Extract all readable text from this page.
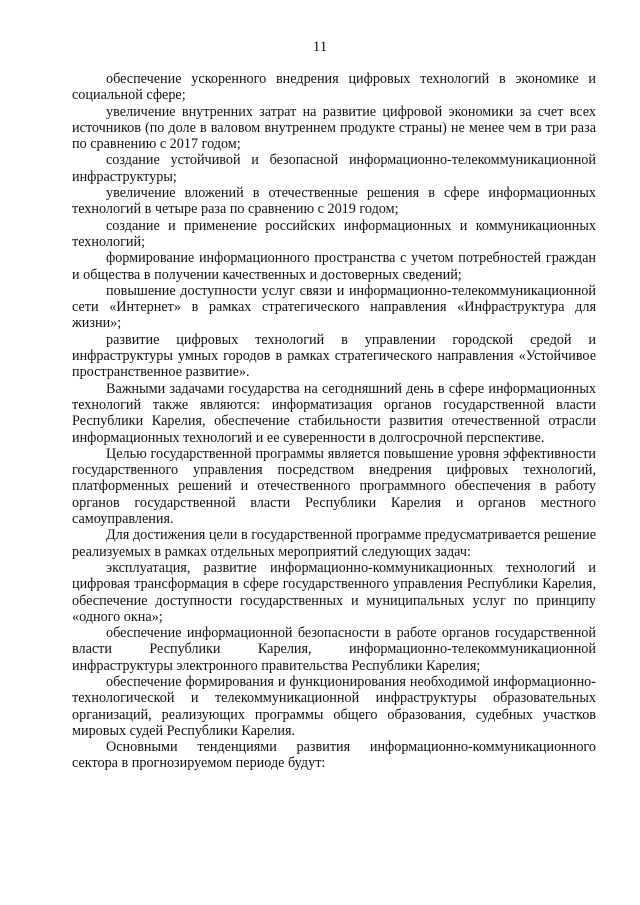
11

обеспечение ускоренного внедрения цифровых технологий в экономике и социальной сфере;

увеличение внутренних затрат на развитие цифровой экономики за счет всех источников (по доле в валовом внутреннем продукте страны) не менее чем в три раза по сравнению с 2017 годом;

создание устойчивой и безопасной информационно-телекоммуникационной инфраструктуры;

увеличение вложений в отечественные решения в сфере информационных технологий в четыре раза по сравнению с 2019 годом;

создание и применение российских информационных и коммуникационных технологий;

формирование информационного пространства с учетом потребностей граждан и общества в получении качественных и достоверных сведений;

повышение доступности услуг связи и информационно-телекоммуникационной сети «Интернет» в рамках стратегического направления «Инфраструктура для жизни»;

развитие цифровых технологий в управлении городской средой и инфраструктуры умных городов в рамках стратегического направления «Устойчивое пространственное развитие».

Важными задачами государства на сегодняшний день в сфере информационных технологий также являются: информатизация органов государственной власти Республики Карелия, обеспечение стабильности развития отечественной отрасли информационных технологий и ее суверенности в долгосрочной перспективе.

Целью государственной программы является повышение уровня эффективности государственного управления посредством внедрения цифровых технологий, платформенных решений и отечественного программного обеспечения в работу органов государственной власти Республики Карелия и органов местного самоуправления.

Для достижения цели в государственной программе предусматривается решение реализуемых в рамках отдельных мероприятий следующих задач:

эксплуатация, развитие информационно-коммуникационных технологий и цифровая трансформация в сфере государственного управления Республики Карелия, обеспечение доступности государственных и муниципальных услуг по принципу «одного окна»;

обеспечение информационной безопасности в работе органов государственной власти Республики Карелия, информационно-телекоммуникационной инфраструктуры электронного правительства Республики Карелия;

обеспечение формирования и функционирования необходимой информационно-технологической и телекоммуникационной инфраструктуры образовательных организаций, реализующих программы общего образования, судебных участков мировых судей Республики Карелия.

Основными тенденциями развития информационно-коммуникационного сектора в прогнозируемом периоде будут:
